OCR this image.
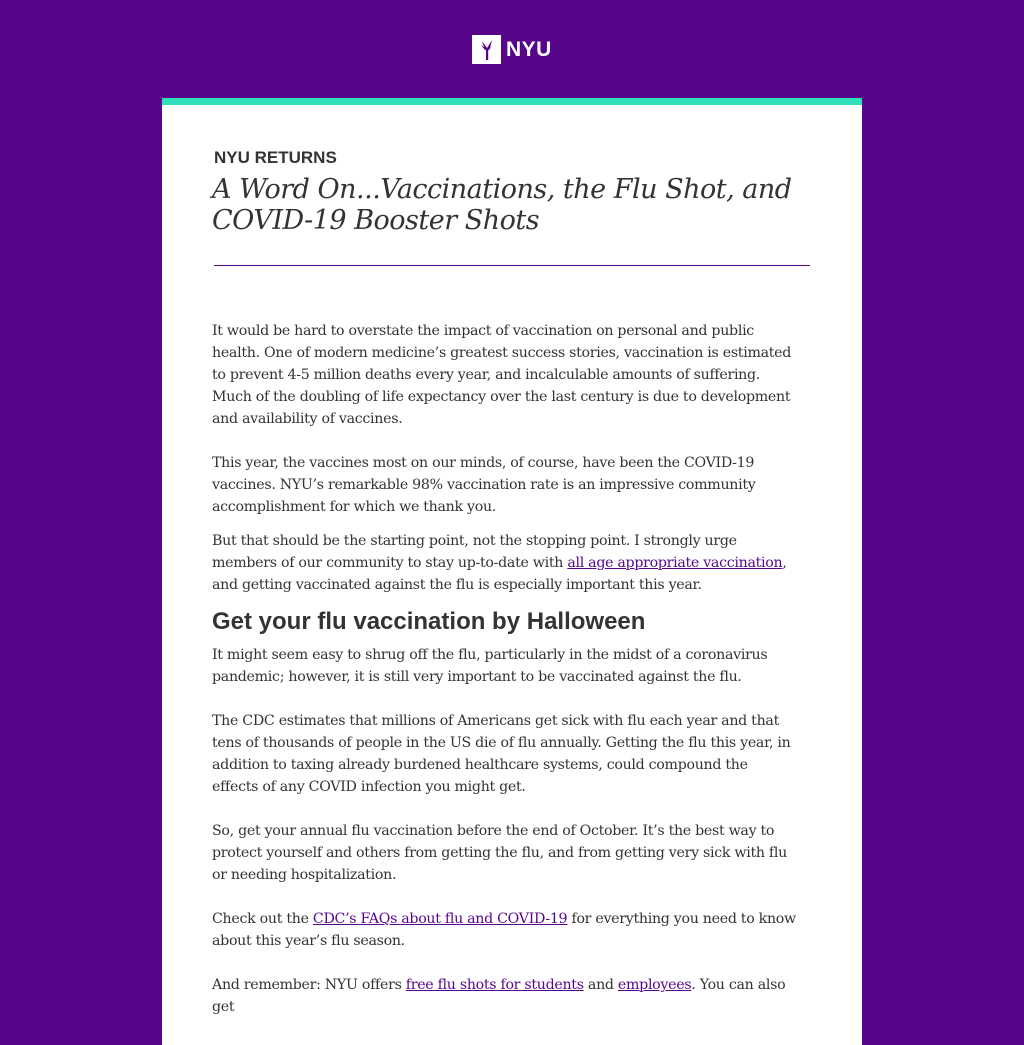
NYU
NYU RETURNS
A Word On...Vaccinations, the Flu Shot, and COVID-19 Booster Shots

It would be hard to overstate the impact of vaccination on personal and public health. One of modern medicine’s greatest success stories, vaccination is estimated to prevent 4-5 million deaths every year, and incalculable amounts of suffering. Much of the doubling of life expectancy over the last century is due to development and availability of vaccines.

This year, the vaccines most on our minds, of course, have been the COVID-19 vaccines. NYU’s remarkable 98% vaccination rate is an impressive community accomplishment for which we thank you.

But that should be the starting point, not the stopping point. I strongly urge members of our community to stay up-to-date with all age appropriate vaccination, and getting vaccinated against the flu is especially important this year.

Get your flu vaccination by Halloween

It might seem easy to shrug off the flu, particularly in the midst of a coronavirus pandemic; however, it is still very important to be vaccinated against the flu.

The CDC estimates that millions of Americans get sick with flu each year and that tens of thousands of people in the US die of flu annually. Getting the flu this year, in addition to taxing already burdened healthcare systems, could compound the effects of any COVID infection you might get.

So, get your annual flu vaccination before the end of October. It’s the best way to protect yourself and others from getting the flu, and from getting very sick with flu or needing hospitalization.

Check out the CDC’s FAQs about flu and COVID-19 for everything you need to know about this year’s flu season.

And remember: NYU offers free flu shots for students and employees. You can also get
